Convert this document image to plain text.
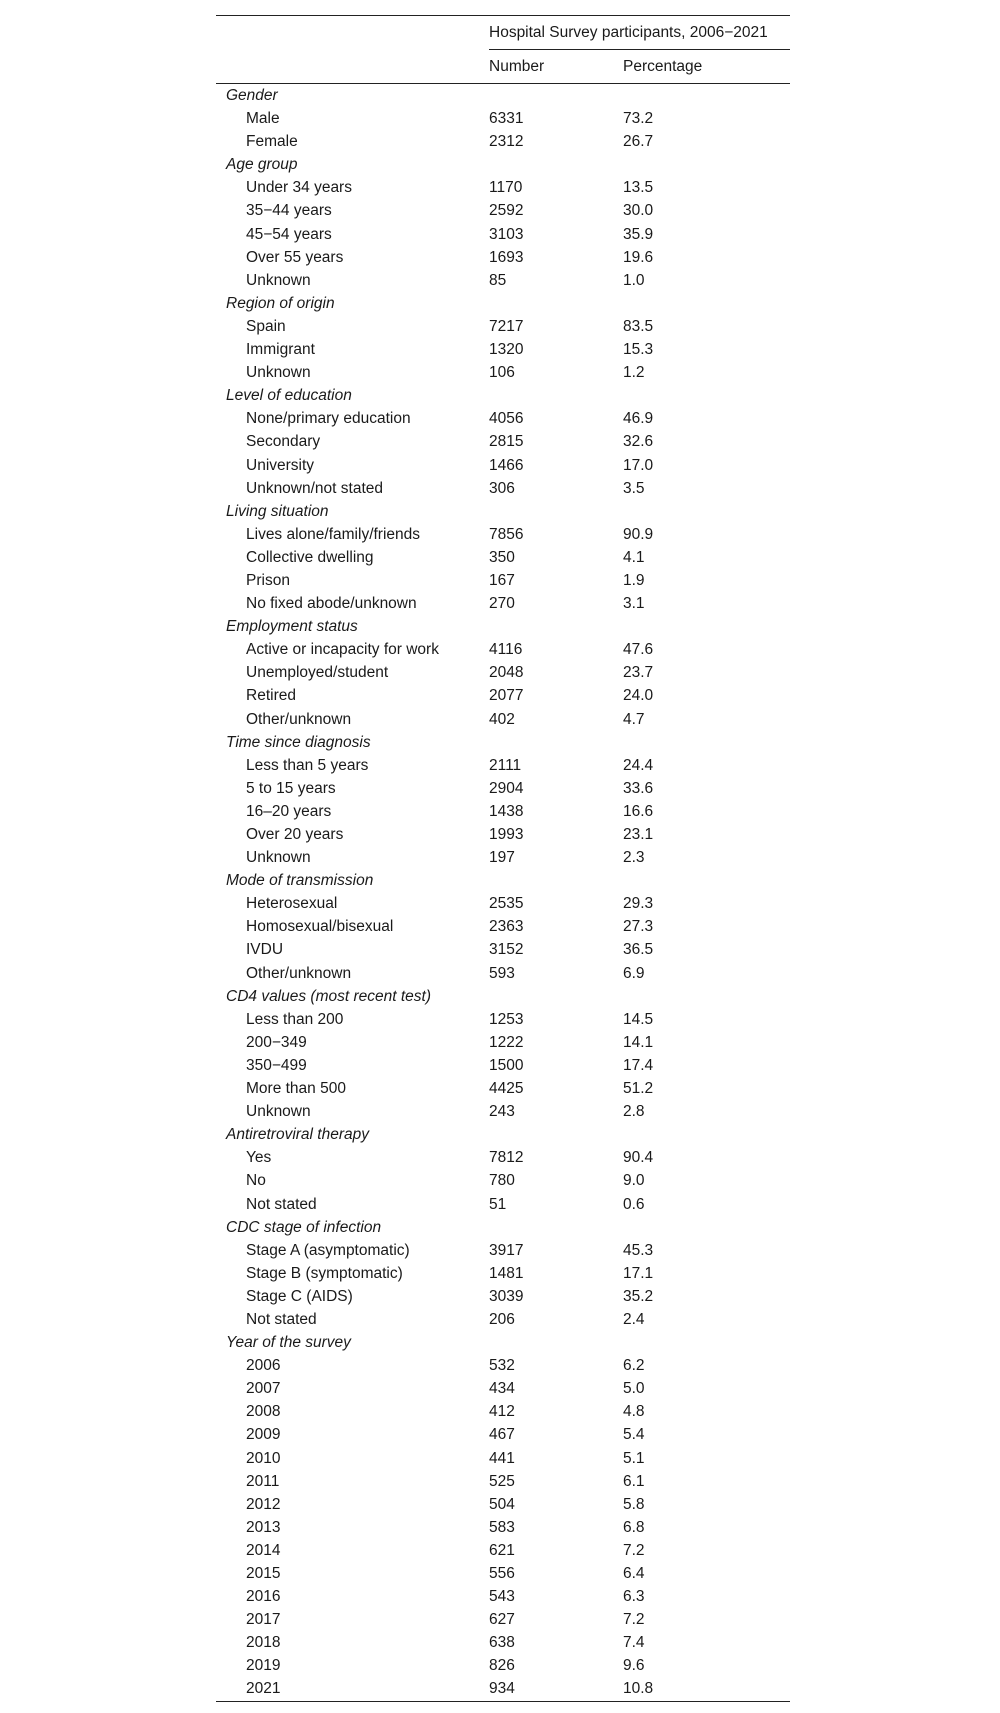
	Hospital Survey participants, 2006−2021	
	Number	Percentage
Gender		
Male	6331	73.2
Female	2312	26.7
Age group		
Under 34 years	1170	13.5
35−44 years	2592	30.0
45−54 years	3103	35.9
Over 55 years	1693	19.6
Unknown	85	1.0
Region of origin		
Spain	7217	83.5
Immigrant	1320	15.3
Unknown	106	1.2
Level of education		
None/primary education	4056	46.9
Secondary	2815	32.6
University	1466	17.0
Unknown/not stated	306	3.5
Living situation		
Lives alone/family/friends	7856	90.9
Collective dwelling	350	4.1
Prison	167	1.9
No fixed abode/unknown	270	3.1
Employment status		
Active or incapacity for work	4116	47.6
Unemployed/student	2048	23.7
Retired	2077	24.0
Other/unknown	402	4.7
Time since diagnosis		
Less than 5 years	2111	24.4
5 to 15 years	2904	33.6
16–20 years	1438	16.6
Over 20 years	1993	23.1
Unknown	197	2.3
Mode of transmission		
Heterosexual	2535	29.3
Homosexual/bisexual	2363	27.3
IVDU	3152	36.5
Other/unknown	593	6.9
CD4 values (most recent test)		
Less than 200	1253	14.5
200−349	1222	14.1
350−499	1500	17.4
More than 500	4425	51.2
Unknown	243	2.8
Antiretroviral therapy		
Yes	7812	90.4
No	780	9.0
Not stated	51	0.6
CDC stage of infection		
Stage A (asymptomatic)	3917	45.3
Stage B (symptomatic)	1481	17.1
Stage C (AIDS)	3039	35.2
Not stated	206	2.4
Year of the survey		
2006	532	6.2
2007	434	5.0
2008	412	4.8
2009	467	5.4
2010	441	5.1
2011	525	6.1
2012	504	5.8
2013	583	6.8
2014	621	7.2
2015	556	6.4
2016	543	6.3
2017	627	7.2
2018	638	7.4
2019	826	9.6
2021	934	10.8
